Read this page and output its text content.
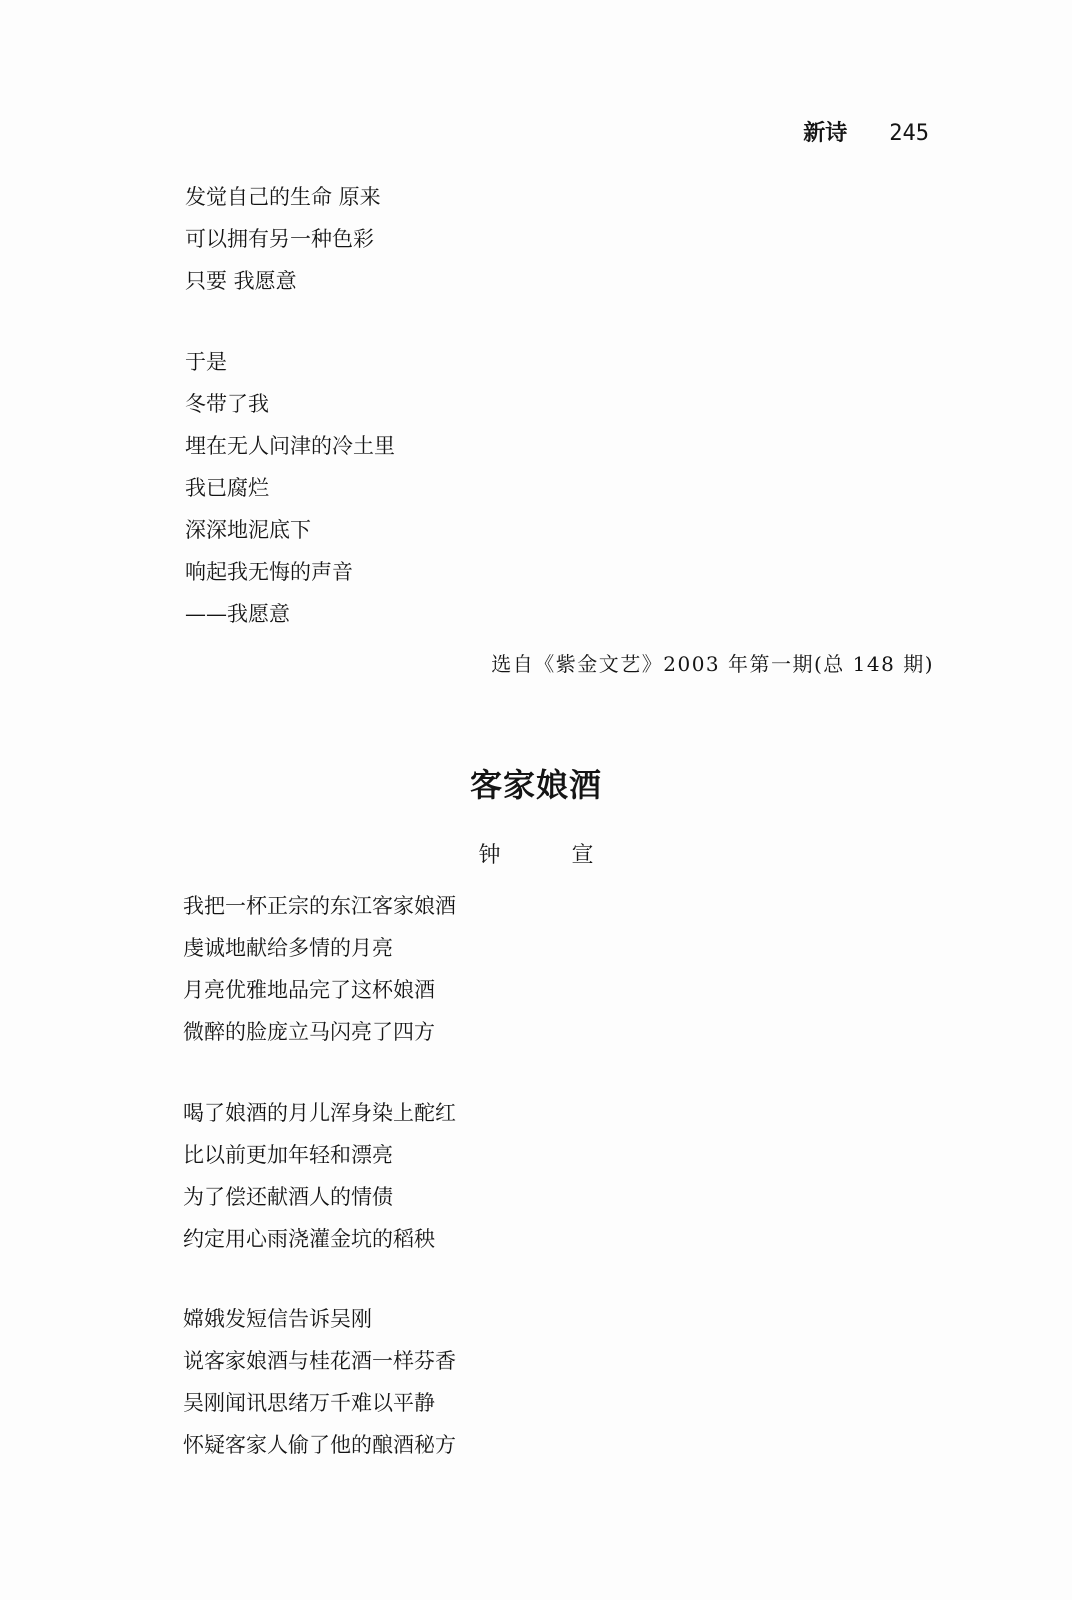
新诗 245
发觉自己的生命 原来
可以拥有另一种色彩
只要 我愿意
于是
冬带了我
埋在无人问津的冷土里
我已腐烂
深深地泥底下
响起我无悔的声音
——我愿意
选自《紫金文艺》2003 年第一期(总 148 期)
客家娘酒
钟 宣
我把一杯正宗的东江客家娘酒
虔诚地献给多情的月亮
月亮优雅地品完了这杯娘酒
微醉的脸庞立马闪亮了四方
喝了娘酒的月儿浑身染上酡红
比以前更加年轻和漂亮
为了偿还献酒人的情债
约定用心雨浇灌金坑的稻秧
嫦娥发短信告诉吴刚
说客家娘酒与桂花酒一样芬香
吴刚闻讯思绪万千难以平静
怀疑客家人偷了他的酿酒秘方
